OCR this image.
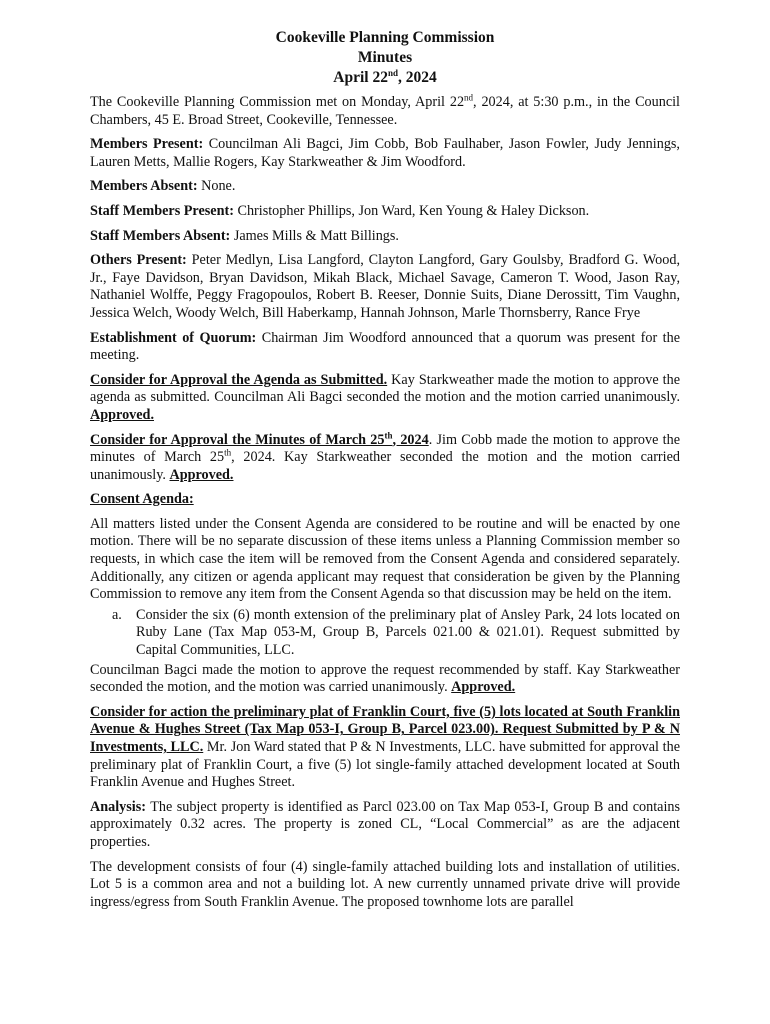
Cookeville Planning Commission
Minutes
April 22nd, 2024

The Cookeville Planning Commission met on Monday, April 22nd, 2024, at 5:30 p.m., in the Council Chambers, 45 E. Broad Street, Cookeville, Tennessee.

Members Present: Councilman Ali Bagci, Jim Cobb, Bob Faulhaber, Jason Fowler, Judy Jennings, Lauren Metts, Mallie Rogers, Kay Starkweather & Jim Woodford.

Members Absent: None.

Staff Members Present: Christopher Phillips, Jon Ward, Ken Young & Haley Dickson.

Staff Members Absent: James Mills & Matt Billings.

Others Present: Peter Medlyn, Lisa Langford, Clayton Langford, Gary Goulsby, Bradford G. Wood, Jr., Faye Davidson, Bryan Davidson, Mikah Black, Michael Savage, Cameron T. Wood, Jason Ray, Nathaniel Wolffe, Peggy Fragopoulos, Robert B. Reeser, Donnie Suits, Diane Derossitt, Tim Vaughn, Jessica Welch, Woody Welch, Bill Haberkamp, Hannah Johnson, Marle Thornsberry, Rance Frye

Establishment of Quorum: Chairman Jim Woodford announced that a quorum was present for the meeting.

Consider for Approval the Agenda as Submitted. Kay Starkweather made the motion to approve the agenda as submitted. Councilman Ali Bagci seconded the motion and the motion carried unanimously. Approved.

Consider for Approval the Minutes of March 25th, 2024. Jim Cobb made the motion to approve the minutes of March 25th, 2024. Kay Starkweather seconded the motion and the motion carried unanimously. Approved.

Consent Agenda:

All matters listed under the Consent Agenda are considered to be routine and will be enacted by one motion. There will be no separate discussion of these items unless a Planning Commission member so requests, in which case the item will be removed from the Consent Agenda and considered separately. Additionally, any citizen or agenda applicant may request that consideration be given by the Planning Commission to remove any item from the Consent Agenda so that discussion may be held on the item.

a. Consider the six (6) month extension of the preliminary plat of Ansley Park, 24 lots located on Ruby Lane (Tax Map 053-M, Group B, Parcels 021.00 & 021.01). Request submitted by Capital Communities, LLC.

Councilman Bagci made the motion to approve the request recommended by staff. Kay Starkweather seconded the motion, and the motion was carried unanimously. Approved.

Consider for action the preliminary plat of Franklin Court, five (5) lots located at South Franklin Avenue & Hughes Street (Tax Map 053-I, Group B, Parcel 023.00). Request Submitted by P & N Investments, LLC. Mr. Jon Ward stated that P & N Investments, LLC. have submitted for approval the preliminary plat of Franklin Court, a five (5) lot single-family attached development located at South Franklin Avenue and Hughes Street.

Analysis: The subject property is identified as Parcl 023.00 on Tax Map 053-I, Group B and contains approximately 0.32 acres. The property is zoned CL, “Local Commercial” as are the adjacent properties.

The development consists of four (4) single-family attached building lots and installation of utilities. Lot 5 is a common area and not a building lot. A new currently unnamed private drive will provide ingress/egress from South Franklin Avenue. The proposed townhome lots are parallel
